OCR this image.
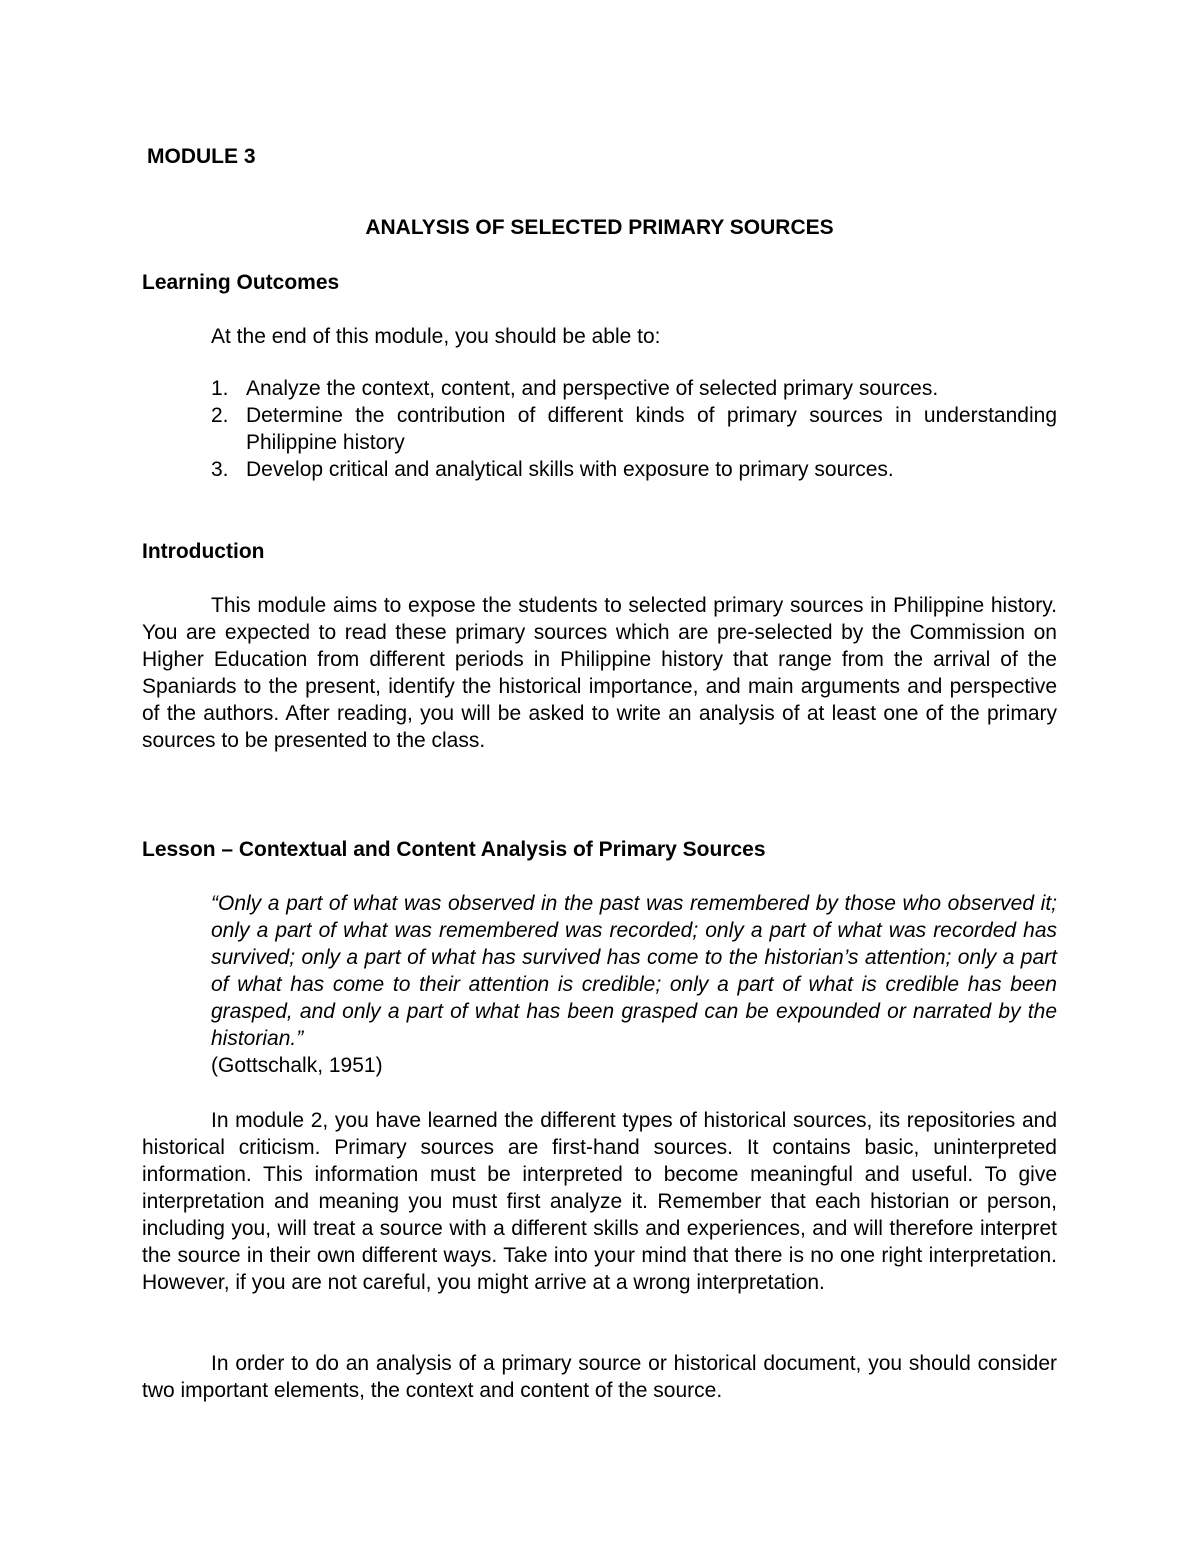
MODULE 3
ANALYSIS OF SELECTED PRIMARY SOURCES
Learning Outcomes
At the end of this module, you should be able to:
1. Analyze the context, content, and perspective of selected primary sources.
2. Determine the contribution of different kinds of primary sources in understanding Philippine history
3. Develop critical and analytical skills with exposure to primary sources.
Introduction

This module aims to expose the students to selected primary sources in Philippine history. You are expected to read these primary sources which are pre-selected by the Commission on Higher Education from different periods in Philippine history that range from the arrival of the Spaniards to the present, identify the historical importance, and main arguments and perspective of the authors. After reading, you will be asked to write an analysis of at least one of the primary sources to be presented to the class.

Lesson – Contextual and Content Analysis of Primary Sources
“Only a part of what was observed in the past was remembered by those who observed it; only a part of what was remembered was recorded; only a part of what was recorded has survived; only a part of what has survived has come to the historian’s attention; only a part of what has come to their attention is credible; only a part of what is credible has been grasped, and only a part of what has been grasped can be expounded or narrated by the historian.”
(Gottschalk, 1951)

In module 2, you have learned the different types of historical sources, its repositories and historical criticism. Primary sources are first-hand sources. It contains basic, uninterpreted information. This information must be interpreted to become meaningful and useful. To give interpretation and meaning you must first analyze it. Remember that each historian or person, including you, will treat a source with a different skills and experiences, and will therefore interpret the source in their own different ways. Take into your mind that there is no one right interpretation. However, if you are not careful, you might arrive at a wrong interpretation.

In order to do an analysis of a primary source or historical document, you should consider two important elements, the context and content of the source.
